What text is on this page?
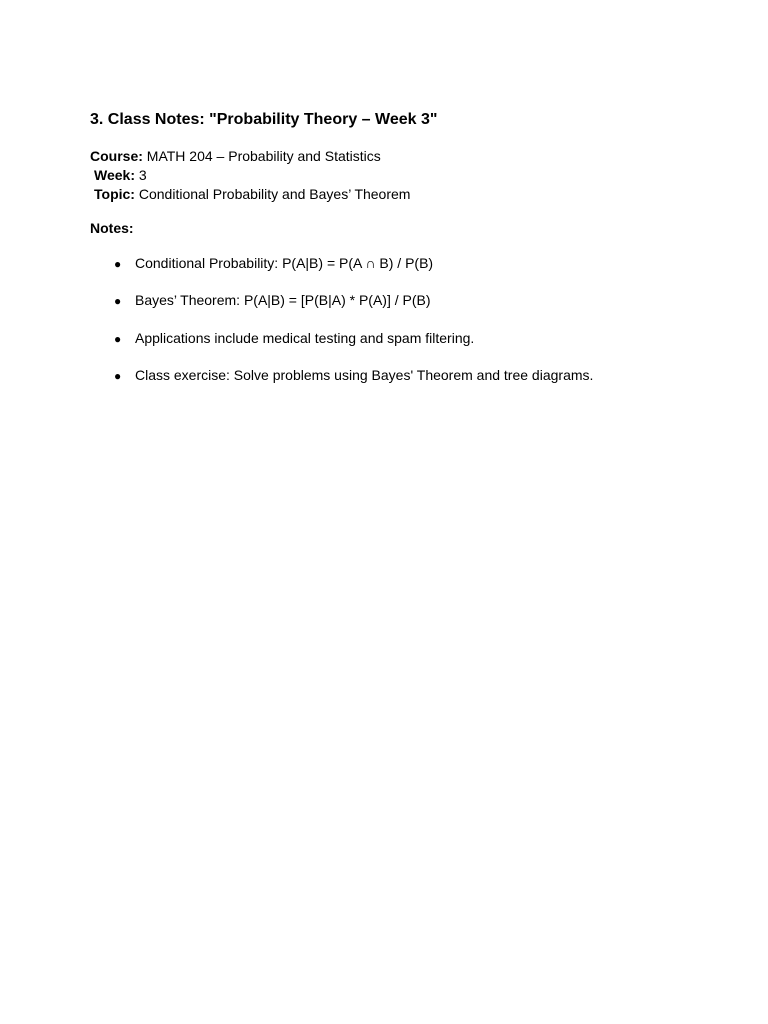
3. Class Notes: "Probability Theory – Week 3"

Course: MATH 204 – Probability and Statistics

Week: 3

Topic: Conditional Probability and Bayes’ Theorem

Notes:

● Conditional Probability: P(A|B) = P(A ∩ B) / P(B)
● Bayes’ Theorem: P(A|B) = [P(B|A) * P(A)] / P(B)
● Applications include medical testing and spam filtering.
● Class exercise: Solve problems using Bayes' Theorem and tree diagrams.
